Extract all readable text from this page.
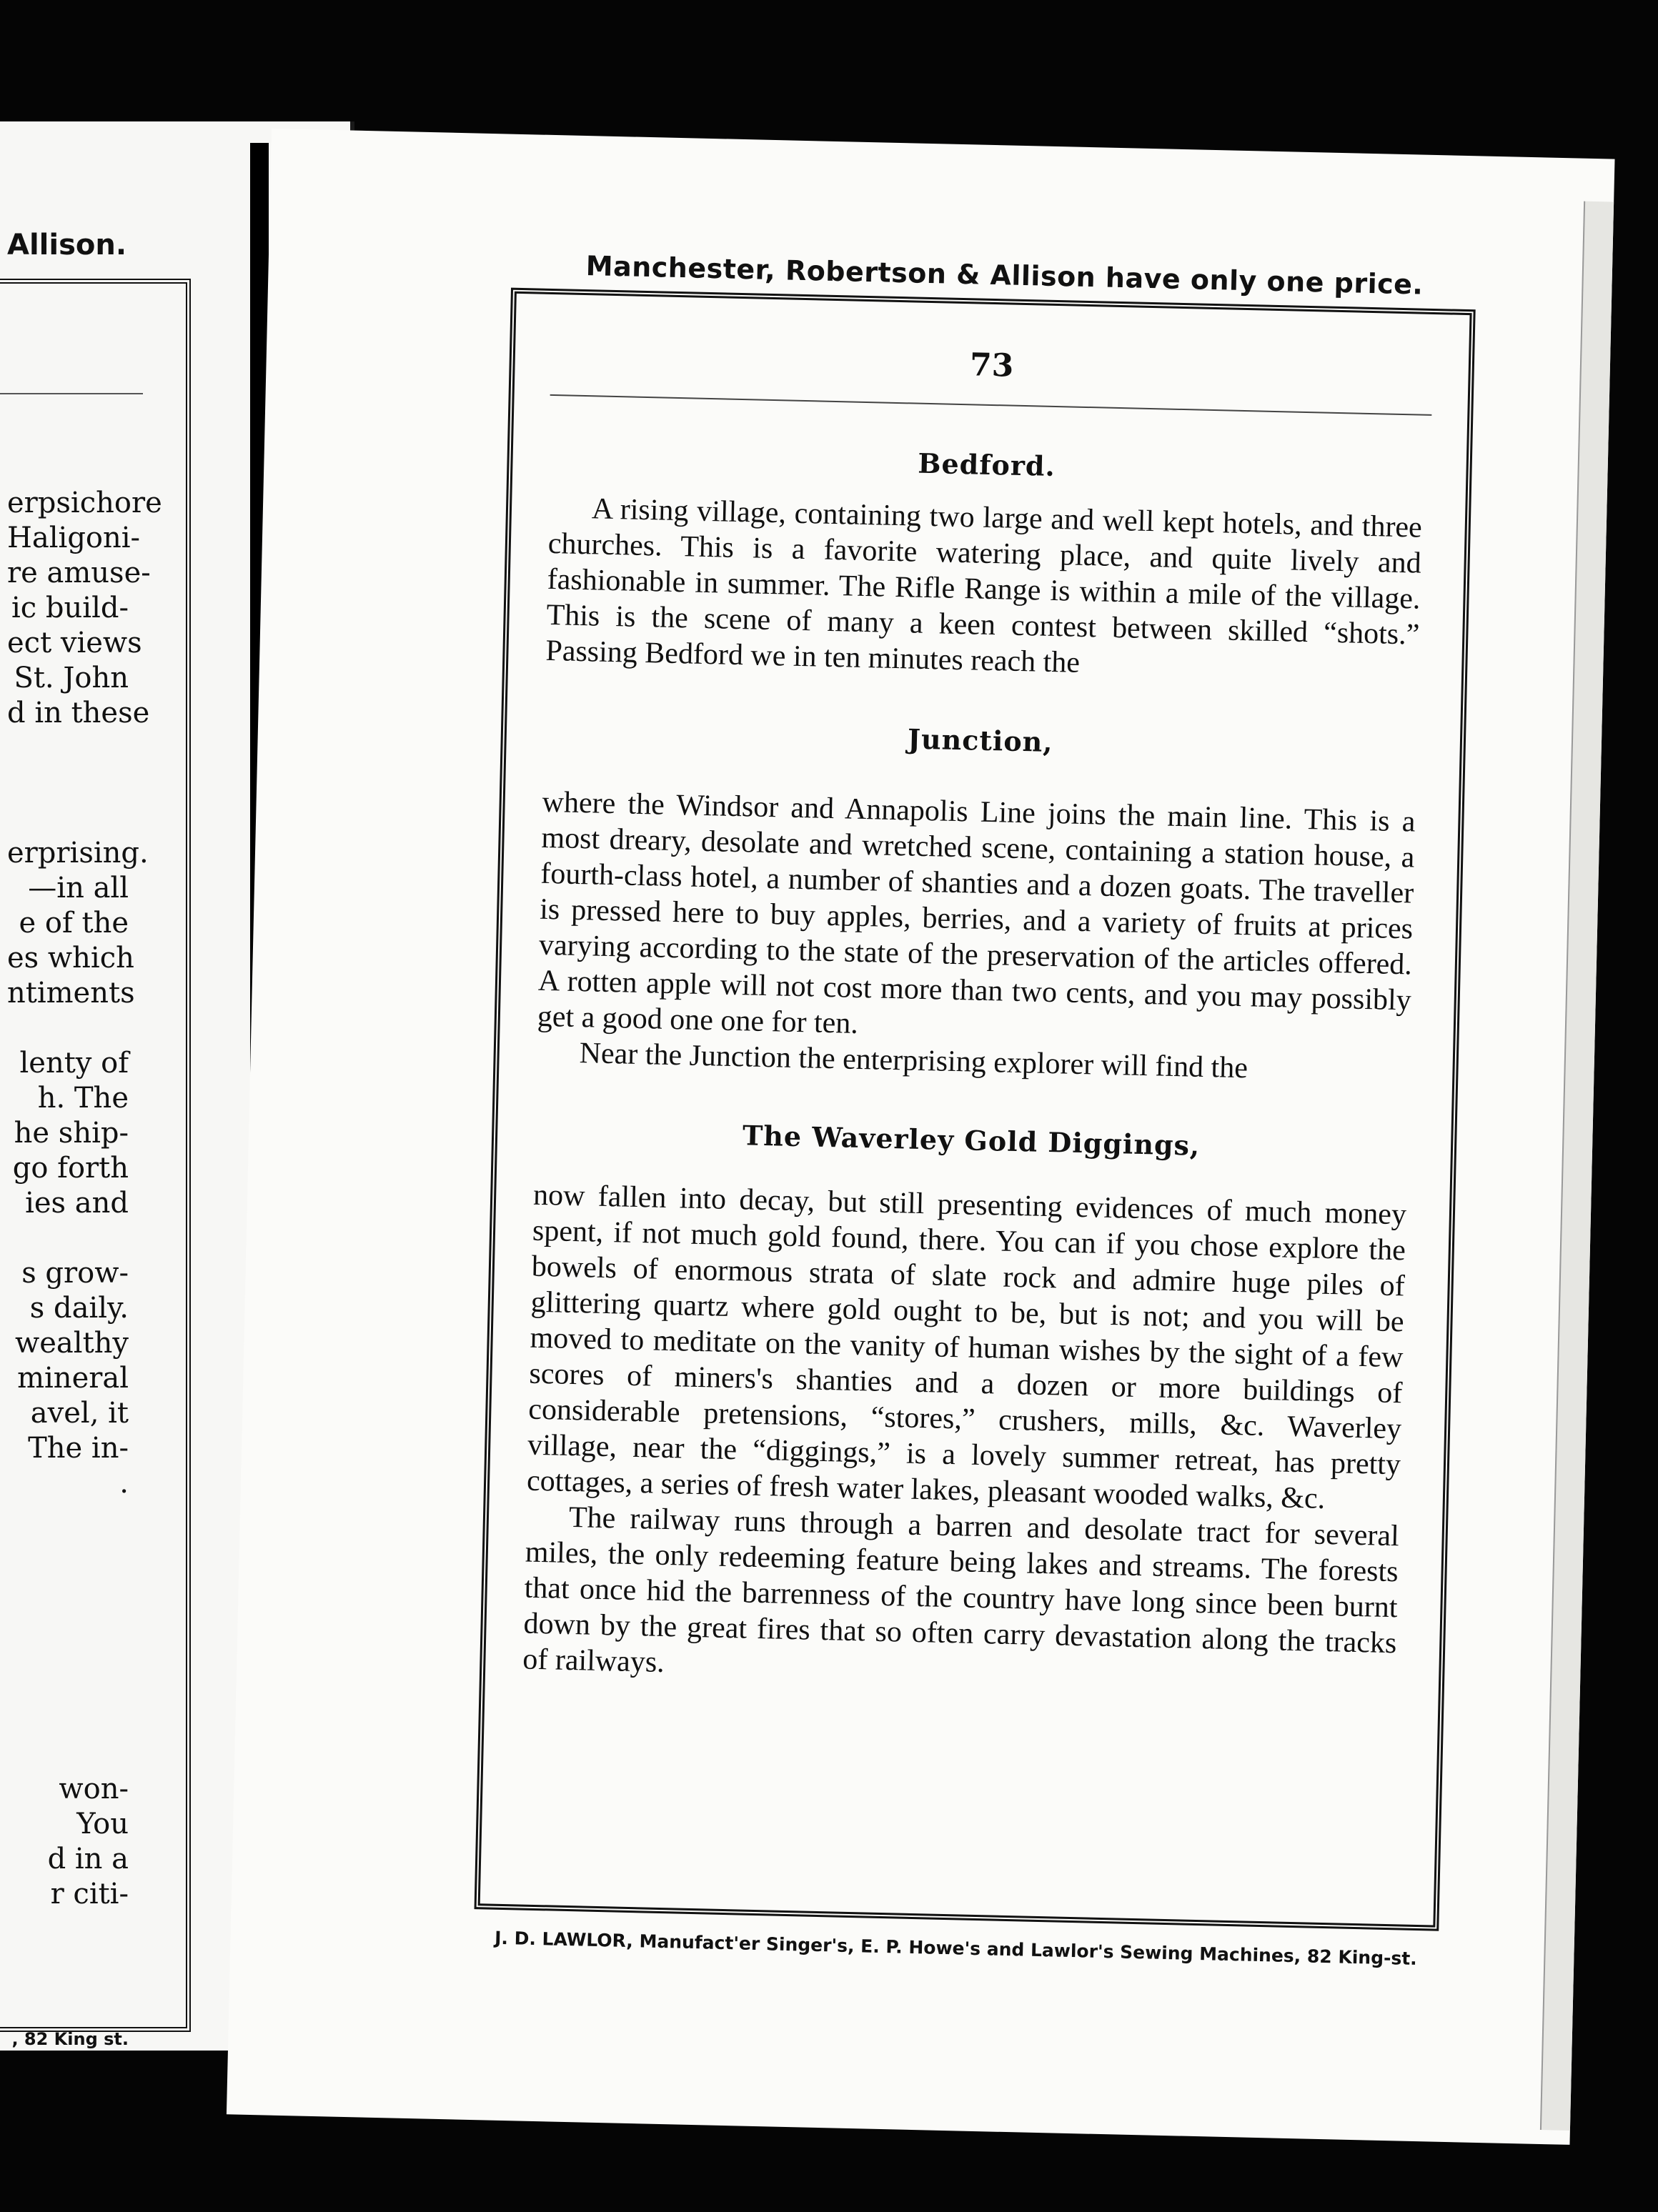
Allison.
erpsichore
Haligoni-
re amuse-
ic build-
ect views
St. John
d in these

erprising.
—in all
e of the
es which
ntiments

lenty of
h. The
he ship-
go forth
ies and

s grow-
s daily.
wealthy
mineral
avel, it
The in-
.
won-
You
d in a
r citi-
, 82 King st.
Manchester, Robertson & Allison have only one price.
73
Bedford.

A rising village, containing two large and well kept hotels, and three churches. This is a favorite watering place, and quite lively and fashionable in summer. The Rifle Range is within a mile of the village. This is the scene of many a keen contest between skilled “shots.” Passing Bedford we in ten minutes reach the

Junction,

where the Windsor and Annapolis Line joins the main line. This is a most dreary, desolate and wretched scene, containing a station house, a fourth-class hotel, a number of shanties and a dozen goats. The traveller is pressed here to buy apples, berries, and a variety of fruits at prices varying according to the state of the preservation of the articles offered. A rotten apple will not cost more than two cents, and you may possibly get a good one one for ten.

Near the Junction the enterprising explorer will find the

The Waverley Gold Diggings,

now fallen into decay, but still presenting evidences of much money spent, if not much gold found, there. You can if you chose explore the bowels of enormous strata of slate rock and admire huge piles of glittering quartz where gold ought to be, but is not; and you will be moved to meditate on the vanity of human wishes by the sight of a few scores of miners's shanties and a dozen or more buildings of considerable pretensions, “stores,” crushers, mills, &c. Waverley village, near the “diggings,” is a lovely summer retreat, has pretty cottages, a series of fresh water lakes, pleasant wooded walks, &c.

The railway runs through a barren and desolate tract for several miles, the only redeeming feature being lakes and streams. The forests that once hid the barrenness of the country have long since been burnt down by the great fires that so often carry devastation along the tracks of railways.

J. D. LAWLOR, Manufact'er Singer's, E. P. Howe's and Lawlor's Sewing Machines, 82 King-st.
